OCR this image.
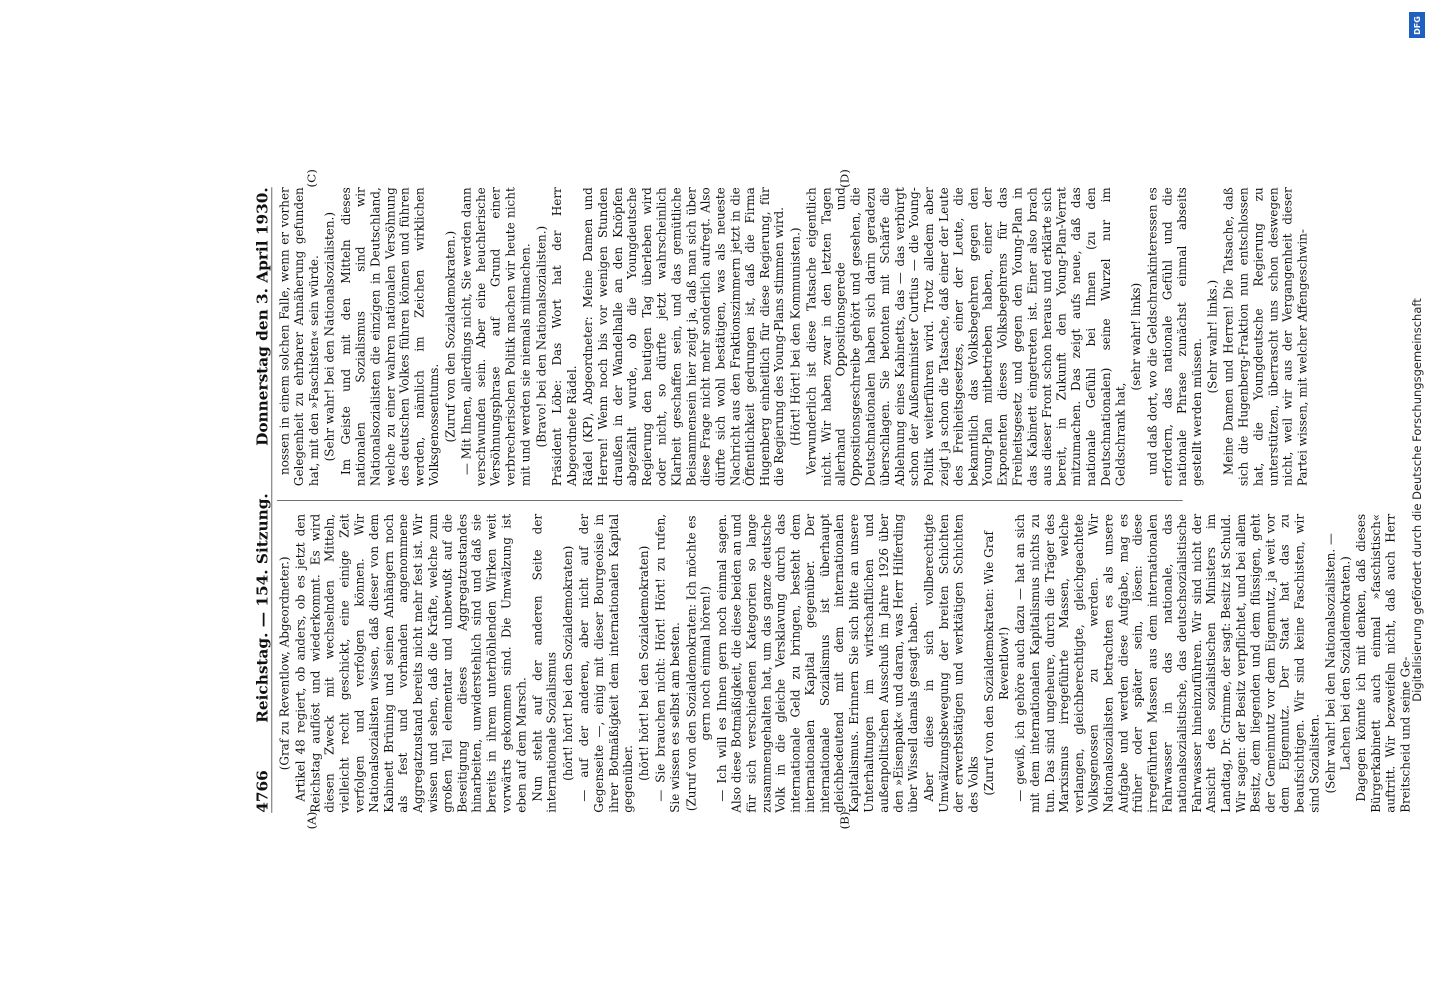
4766
Reichstag. — 154. Sitzung.
Donnerstag den 3. April 1930.

(Graf zu Reventlow, Abgeordneter.) Artikel 48 regiert, ob anders, ob es jetzt den Reichstag auflöst und wiederkommt. Es wird diesen Zweck mit wechselnden Mitteln, vielleicht recht geschickt, eine einige Zeit verfolgen und verfolgen können. Wir Nationalsozialisten wissen, daß dieser von dem Kabinett Brüning und seinen Anhängern noch als fest und vorhanden angenommene Aggregatzustand bereits nicht mehr fest ist. Wir wissen und sehen, daß die Kräfte, welche zum großen Teil elementar und unbewußt auf die Beseitigung dieses Aggregatzustandes hinarbeiten, unwiderstehlich sind und daß sie bereits in ihrem unterhöhlenden Wirken weit vorwärts gekommen sind. Die Umwälzung ist eben auf dem Marsch. Nun steht auf der anderen Seite der internationale Sozialismus (hört! hört! bei den Sozialdemokraten) — auf der anderen, aber nicht auf der Gegenseite —, einig mit dieser Bourgeoisie in ihrer Botmäßigkeit dem internationalen Kapital gegenüber. (hört! hört! bei den Sozialdemokraten) — Sie brauchen nicht: Hört! Hört! zu rufen, Sie wissen es selbst am besten. (Zuruf von den Sozialdemokraten: Ich möchte es gern noch einmal hören!) — Ich will es Ihnen gern noch einmal sagen. Also diese Botmäßigkeit, die diese beiden an und für sich verschiedenen Kategorien so lange zusammengehalten hat, um das ganze deutsche Volk in die gleiche Versklavung durch das internationale Geld zu bringen, besteht dem internationalen Kapital gegenüber. Der internationale Sozialismus ist überhaupt gleichbedeutend mit dem internationalen Kapitalismus. Erinnern Sie sich bitte an unsere Unterhaltungen im wirtschaftlichen und außenpolitischen Ausschuß im Jahre 1926 über den »Eisenpakt« und daran, was Herr Hilferding über Wissell damals gesagt haben. Aber diese in sich vollberechtigte Umwälzungsbewegung der breiten Schichten der erwerbstätigen und werktätigen Schichten des Volks (Zuruf von den Sozialdemokraten: Wie Graf Reventlow!) — gewiß, ich gehöre auch dazu — hat an sich mit dem internationalen Kapitalismus nichts zu tun. Das sind ungeheure, durch die Träger des Marxismus irregeführte Massen, welche verlangen, gleichberechtigte, gleichgeachtete Volksgenossen zu werden. Wir Nationalsozialisten betrachten es als unsere Aufgabe und werden diese Aufgabe, mag es früher oder später sein, lösen: diese irregeführten Massen aus dem internationalen Fahrwasser in das nationale, das nationalsozialistische, das deutschsozialistische Fahrwasser hineinzuführen. Wir sind nicht der Ansicht des sozialistischen Ministers im Landtag, Dr. Grimme, der sagt: Besitz ist Schuld. Wir sagen: der Besitz verpflichtet, und bei allem Besitz, dem liegenden und dem flüssigen, geht der Gemeinnutz vor dem Eigennutz, ja weit vor dem Eigennutz. Der Staat hat das zu beaufsichtigen. Wir sind keine Faschisten, wir sind Sozialisten. (Sehr wahr! bei den Nationalsozialisten. — Lachen bei den Sozialdemokraten.) Dagegen könnte ich mit denken, daß dieses Bürgerkabinett auch einmal »faschistisch« auftritt. Wir bezweifeln nicht, daß auch Herr Breitscheid und seine Ge-

nossen in einem solchen Falle, wenn er vorher Gelegenheit zu ehrbarer Annäherung gefunden hat, mit den »Faschisten« sein würde. (Sehr wahr! bei den Nationalsozialisten.) Im Geiste und mit den Mitteln dieses nationalen Sozialismus sind wir Nationalsozialisten die einzigen in Deutschland, welche zu einer wahren nationalen Versöhnung des deutschen Volkes führen können und führen werden, nämlich im Zeichen wirklichen Volksgenossentums. (Zuruf von den Sozialdemokraten.) — Mit Ihnen, allerdings nicht, Sie werden dann verschwunden sein. Aber eine heuchlerische Versöhnungsphrase auf Grund einer verbrecherischen Politik machen wir heute nicht mit und werden sie niemals mitmachen. (Bravo! bei den Nationalsozialisten.) Präsident Löbe: Das Wort hat der Herr Abgeordnete Rädel. Rädel (KP), Abgeordneter: Meine Damen und Herren! Wenn noch bis vor wenigen Stunden draußen in der Wandelhalle an den Knöpfen abgezählt wurde, ob die Youngdeutsche Regierung den heutigen Tag überleben wird oder nicht, so dürfte jetzt wahrscheinlich Klarheit geschaffen sein, und das gemütliche Beisammensein hier zeigt ja, daß man sich über diese Frage nicht mehr sonderlich aufregt. Also dürfte sich wohl bestätigen, was als neueste Nachricht aus den Fraktionszimmern jetzt in die Öffentlichkeit gedrungen ist, daß die Firma Hugenberg einheitlich für diese Regierung, für die Regierung des Young-Plans stimmen wird. (Hört! Hört! bei den Kommunisten.) Verwunderlich ist diese Tatsache eigentlich nicht. Wir haben zwar in den letzten Tagen allerhand Oppositionsgerede und Oppositionsgeschreibe gehört und gesehen, die Deutschnationalen haben sich darin geradezu überschlagen. Sie betonten mit Schärfe die Ablehnung eines Kabinetts, das — das verbürgt schon der Außenminister Curtius — die Young-Politik weiterführen wird. Trotz alledem aber zeigt ja schon die Tatsache, daß einer der Leute des Freiheitsgesetzes, einer der Leute, die bekanntlich das Volksbegehren gegen den Young-Plan mitbetrieben haben, einer der Exponenten dieses Volksbegehrens für das Freiheitsgesetz und gegen den Young-Plan in das Kabinett eingetreten ist. Einer also brach aus dieser Front schon heraus und erklärte sich bereit, in Zukunft den Young-Plan-Verrat mitzumachen. Das zeigt aufs neue, daß das nationale Gefühl bei Ihnen (zu den Deutschnationalen) seine Wurzel nur im Geldschrank hat,

(sehr wahr! links) und daß dort, wo die Geldschrankinteressen es erfordern, das nationale Gefühl und die nationale Phrase zunächst einmal abseits gestellt werden müssen.

(Sehr wahr! links.) Meine Damen und Herren! Die Tatsache, daß sich die Hugenberg-Fraktion nun entschlossen hat, die Youngdeutsche Regierung zu unterstützen, überrascht uns schon deswegen nicht, weil wir aus der Vergangenheit dieser Partei wissen, mit welcher Affengeschwin-

(A)	(B)
(C)	(D)
Digitalisierung gefördert durch die Deutsche Forschungsgemeinschaft
DFG
